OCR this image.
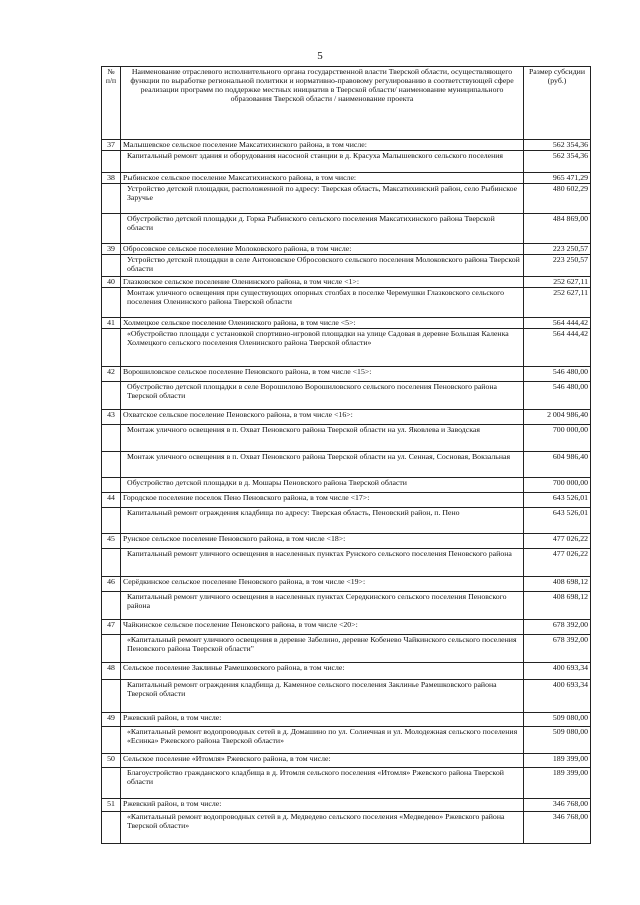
5
№ п/п	Наименование отраслевого исполнительного органа государственной власти Тверской области, осуществляющего функции по выработке региональной политики и нормативно-правовому регулированию в соответствующей сфере реализации программ по поддержке местных инициатив в Тверской области/ наименование муниципального образования Тверской области / наименование проекта	Размер субсидии (руб.)
37	Малышевское сельское поселение Максатихинского района, в том числе:	562 354,36
	Капитальный ремонт здания и оборудования насосной станции в д. Красуха Малышевского сельского поселения	562 354,36
38	Рыбинское сельское поселение Максатихинского района, в том числе:	965 471,29
	Устройство детской площадки, расположенной по адресу: Тверская область, Максатихинский район, село Рыбинское Заручье	480 602,29
	Обустройство детской площадки д. Горка Рыбинского сельского поселения Максатихинского района Тверской области	484 869,00
39	Обросовское сельское поселение Молоковского района, в том числе:	223 250,57
	Устройство детской площадки в селе Антоновское Обросовского сельского поселения Молоковского района Тверской области	223 250,57
40	Глазковское сельское поселение Оленинского района, в том числе <1>:	252 627,11
	Монтаж уличного освещения при существующих опорных столбах в поселке Черемушки Глазковского сельского поселения Оленинского района Тверской области	252 627,11
41	Холмецкое сельское поселение Оленинского района, в том числе <5>:	564 444,42
	«Обустройство площади с установкой спортивно-игровой площадки на улице Садовая в деревне Большая Каленка Холмецкого сельского поселения Оленинского района Тверской области»	564 444,42
42	Ворошиловское сельское поселение Пеновского района, в том числе <15>:	546 480,00
	Обустройство детской площадки в селе Ворошилово Ворошиловского сельского поселения Пеновского района Тверской области	546 480,00
43	Охватское сельское поселение Пеновского района, в том числе <16>:	2 004 986,40
	Монтаж уличного освещения в п. Охват Пеновского района Тверской области на ул. Яковлева и Заводская	700 000,00
	Монтаж уличного освещения в п. Охват Пеновского района Тверской области на ул. Сенная, Сосновая, Вокзальная	604 986,40
	Обустройство детской площадки в д. Мошары Пеновского района Тверской области	700 000,00
44	Городское поселение поселок Пено Пеновского района, в том числе <17>:	643 526,01
	Капитальный ремонт ограждения кладбища по адресу: Тверская область, Пеновский район, п. Пено	643 526,01
45	Рунское сельское поселение Пеновского района, в том числе <18>:	477 026,22
	Капитальный ремонт уличного освещения в населенных пунктах Рунского сельского поселения Пеновского района	477 026,22
46	Серёдкинское сельское поселение Пеновского района, в том числе <19>:	408 698,12
	Капитальный ремонт уличного освещения в населенных пунктах Середкинского сельского поселения Пеновского района	408 698,12
47	Чайкинское сельское поселение Пеновского района, в том числе <20>:	678 392,00
	«Капитальный ремонт уличного освещения в деревне Забелино, деревне Кобенево Чайкинского сельского поселения Пеновского района Тверской области"	678 392,00
48	Сельское поселение Заклинье Рамешковского района, в том числе:	400 693,34
	Капитальный ремонт ограждения кладбища д. Каменное сельского поселения Заклинье Рамешковского района Тверской области	400 693,34
49	Ржевский район, в том числе:	509 080,00
	«Капитальный ремонт водопроводных сетей в д. Домашино по ул. Солнечная и ул. Молодежная сельского поселения «Есинка» Ржевского района Тверской области»	509 080,00
50	Сельское поселение «Итомля» Ржевского района, в том числе:	189 399,00
	Благоустройство гражданского кладбища в д. Итомля сельского поселения «Итомля» Ржевского района Тверской области	189 399,00
51	Ржевский район, в том числе:	346 768,00
	«Капитальный ремонт водопроводных сетей в д. Медведево сельского поселения «Медведево» Ржевского района Тверской области»	346 768,00
